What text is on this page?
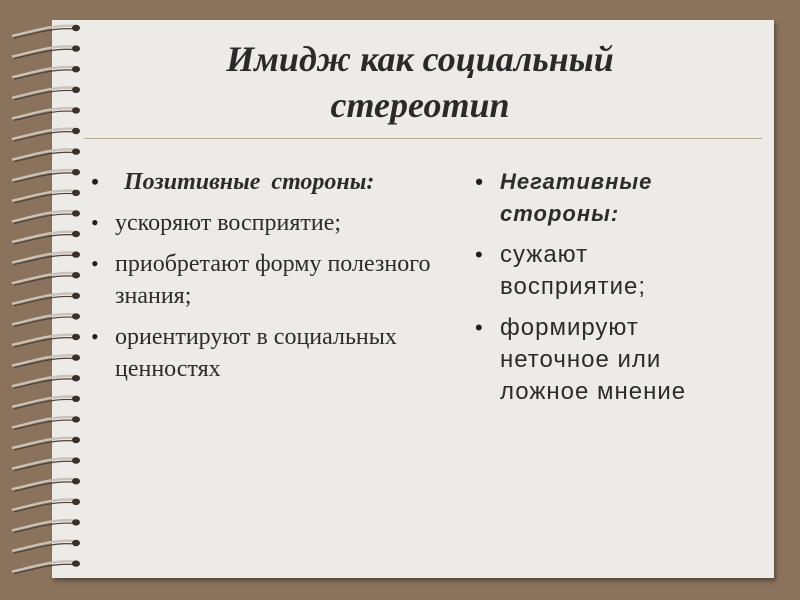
Имидж как социальный
стереотип
• Позитивные стороны:
• ускоряют восприятие;
• приобретают форму полезного знания;
• ориентируют в социальных ценностях
• Негативные стороны:
• сужают восприятие;
• формируют неточное или ложное мнение
